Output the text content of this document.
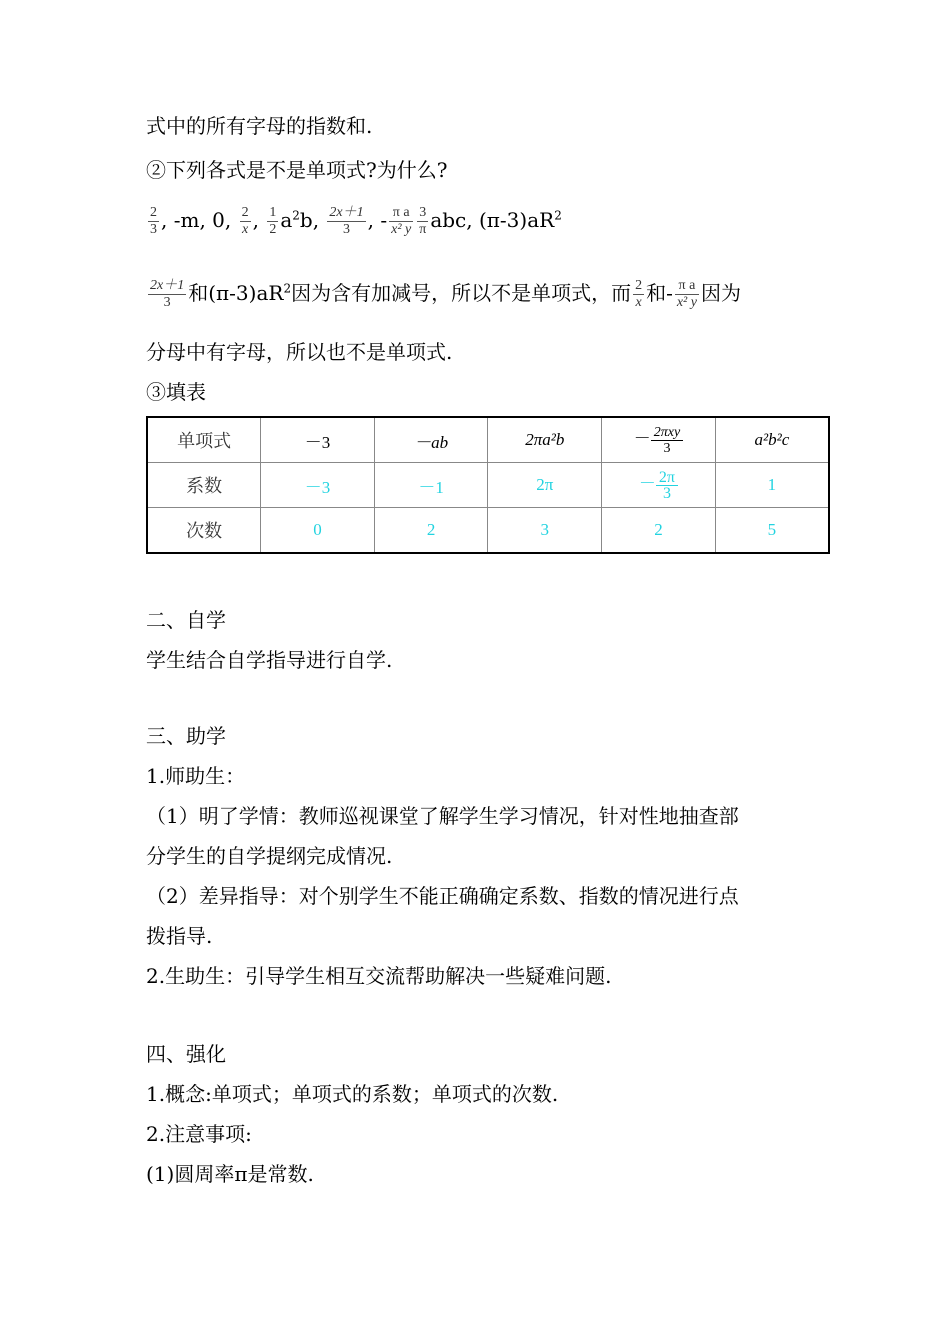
式中的所有字母的指数和.
②下列各式是不是单项式?为什么?
$\frac{2}{3}$ , -m, 0, $\frac{2}{x}$ , $\frac{1}{2} a^2b$, $\frac{2x+1}{3}$ , - $\frac{\text{π a}}{\text{x² y}} \frac{3}{\pi}$ abc, $(\pi-3)aR^2$
$\frac{2x+1}{3}$ 和$(\pi-3)aR^2$因为含有加减号，所以不是单项式，而 $\frac{2}{x}$ 和- $\frac{\text{π a}}{\text{x² y}}$ 因为
分母中有字母，所以也不是单项式.
③填表
单项式	－3	－ab	2πa²b	－ $\frac{\text{2πxy}}{3}$	a²b²c
系数	－3	－1	2π	－ $\frac{2\pi}{3}$	1
次数	0	2	3	2	5
二、自学
学生结合自学指导进行自学.
三、助学
1.师助生：
（1）明了学情：教师巡视课堂了解学生学习情况，针对性地抽查部
分学生的自学提纲完成情况.
（2）差异指导：对个别学生不能正确确定系数、指数的情况进行点
拨指导.
2.生助生：引导学生相互交流帮助解决一些疑难问题.
四、强化
1.概念:单项式；单项式的系数；单项式的次数.
2.注意事项:
(1)圆周率π是常数.
